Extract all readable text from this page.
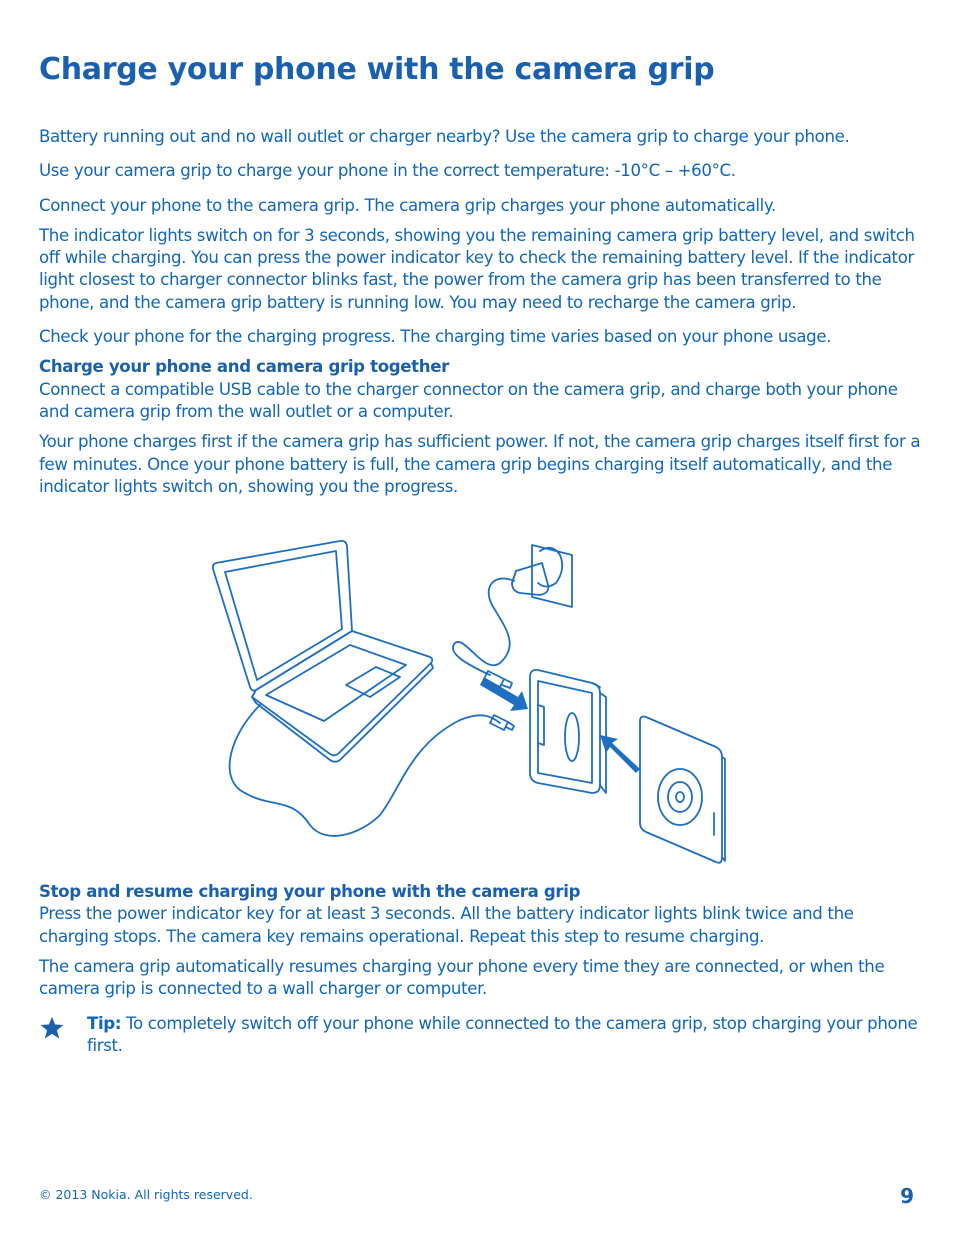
Charge your phone with the camera grip

Battery running out and no wall outlet or charger nearby? Use the camera grip to charge your phone.

Use your camera grip to charge your phone in the correct temperature: -10°C – +60°C.

Connect your phone to the camera grip. The camera grip charges your phone automatically.

The indicator lights switch on for 3 seconds, showing you the remaining camera grip battery level, and switch off while charging. You can press the power indicator key to check the remaining battery level. If the indicator light closest to charger connector blinks fast, the power from the camera grip has been transferred to the phone, and the camera grip battery is running low. You may need to recharge the camera grip.

Check your phone for the charging progress. The charging time varies based on your phone usage.

Charge your phone and camera grip together

Connect a compatible USB cable to the charger connector on the camera grip, and charge both your phone and camera grip from the wall outlet or a computer.

Your phone charges first if the camera grip has sufficient power. If not, the camera grip charges itself first for a few minutes. Once your phone battery is full, the camera grip begins charging itself automatically, and the indicator lights switch on, showing you the progress.

Stop and resume charging your phone with the camera grip

Press the power indicator key for at least 3 seconds. All the battery indicator lights blink twice and the charging stops. The camera key remains operational. Repeat this step to resume charging.

The camera grip automatically resumes charging your phone every time they are connected, or when the camera grip is connected to a wall charger or computer.

Tip: To completely switch off your phone while connected to the camera grip, stop charging your phone first.

© 2013 Nokia. All rights reserved.	9
